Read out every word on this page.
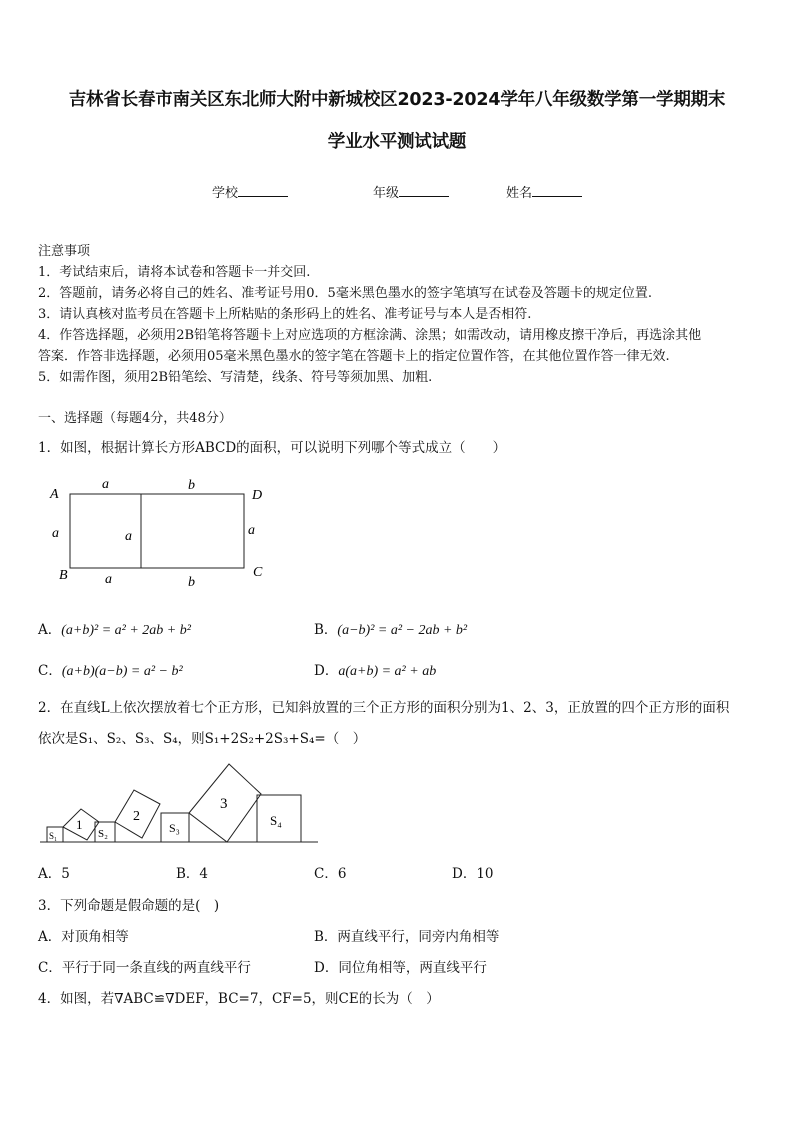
吉林省长春市南关区东北师大附中新城校区2023-2024学年八年级数学第一学期期末
学业水平测试试题
学校	年级	姓名
注意事项
1．考试结束后，请将本试卷和答题卡一并交回.
2．答题前，请务必将自己的姓名、准考证号用0．5毫米黑色墨水的签字笔填写在试卷及答题卡的规定位置.
3．请认真核对监考员在答题卡上所粘贴的条形码上的姓名、准考证号与本人是否相符.
4．作答选择题，必须用2B铅笔将答题卡上对应选项的方框涂满、涂黑；如需改动，请用橡皮擦干净后，再选涂其他
答案．作答非选择题，必须用05毫米黑色墨水的签字笔在答题卡上的指定位置作答，在其他位置作答一律无效.
5．如需作图，须用2B铅笔绘、写清楚，线条、符号等须加黑、加粗.
一、选择题（每题4分，共48分）
1．如图，根据计算长方形ABCD的面积，可以说明下列哪个等式成立（　　）
A	D
B	C
a	b
a	a	a
a	b
A．(a+b)² = a² + 2ab + b²	B．(a−b)² = a² − 2ab + b²
C．(a+b)(a−b) = a² − b²	D．a(a+b) = a² + ab
2．在直线L上依次摆放着七个正方形，已知斜放置的三个正方形的面积分别为1、2、3，正放置的四个正方形的面积
依次是S₁、S₂、S₃、S₄，则S₁+2S₂+2S₃+S₄=（　）
1
2
3
S₁	S₂	S₃	S₄
A．5	B．4	C．6	D．10
3．下列命题是假命题的是(　)
A．对顶角相等	B．两直线平行，同旁内角相等
C．平行于同一条直线的两直线平行	D．同位角相等，两直线平行
4．如图，若∇ABC≌∇DEF，BC=7，CF=5，则CE的长为（　）
